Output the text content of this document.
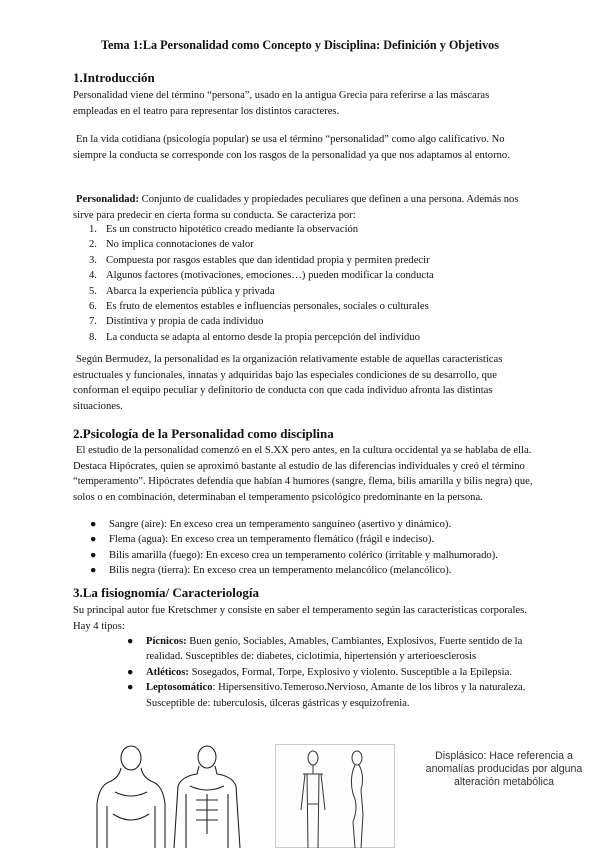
Tema 1:La Personalidad como Concepto y Disciplina: Definición y Objetivos
1.Introducción

Personalidad viene del término “persona”, usado en la antigua Grecia para referirse a las máscaras empleadas en el teatro para representar los distintos caracteres.

En la vida cotidiana (psicología popular) se usa el término “personalidad” como algo calificativo. No siempre la conducta se corresponde con los rasgos de la personalidad ya que nos adaptamos al entorno.

Personalidad: Conjunto de cualidades y propiedades peculiares que definen a una persona. Además nos sirve para predecir en cierta forma su conducta. Se caracteriza por:

1. Es un constructo hipotético creado mediante la observación
2. No implica connotaciones de valor
3. Compuesta por rasgos estables que dan identidad propia y permiten predecir
4. Algunos factores (motivaciones, emociones…) pueden modificar la conducta
5. Abarca la experiencia pública y privada
6. Es fruto de elementos estables e influencias personales, sociales o culturales
7. Distintiva y propia de cada individuo
8. La conducta se adapta al entorno desde la propia percepción del individuo

Según Bermudez, la personalidad es la organización relativamente estable de aquellas características estructuales y funcionales, innatas y adquiridas bajo las especiales condiciones de su desarrollo, que conforman el equipo peculiar y definitorio de conducta con que cada individuo afronta las distintas situaciones.

2.Psicología de la Personalidad como disciplina

El estudio de la personalidad comenzó en el S.XX pero antes, en la cultura occidental ya se hablaba de ella. Destaca Hipócrates, quien se aproximó bastante al estudio de las diferencias individuales y creó el término “temperamento”. Hipócrates defendía que habían 4 humores (sangre, flema, bilis amarilla y bilis negra) que, solos o en combinación, determinaban el temperamento psicológico predominante en la persona.

● Sangre (aire): En exceso crea un temperamento sanguíneo (asertivo y dinámico).
● Flema (agua): En exceso crea un temperamento flemático (frágil e indeciso).
● Bilis amarilla (fuego): En exceso crea un temperamento colérico (irritable y malhumorado).
● Bilis negra (tierra): En exceso crea un temperamento melancólico (melancólico).
3.La fisiognomía/ Caracteriología

Su principal autor fue Kretschmer y consiste en saber el temperamento según las características corporales. Hay 4 tipos:

● Pícnicos: Buen genio, Sociables, Amables, Cambiantes, Explosivos, Fuerte sentido de la realidad. Susceptibles de: diabetes, ciclotimia, hipertensión y arterioesclerosis
● Atléticos: Sosegados, Formal, Torpe, Explosivo y violento. Susceptible a la Epilepsia.
● Leptosomático: Hipersensitivo.Temeroso.Nervioso, Amante de los libros y la naturaleza. Susceptible de: tuberculosis, úlceras gástricas y esquizofrenia.
Displásico: Hace referencia a anomalías producidas por alguna alteración metabólica
